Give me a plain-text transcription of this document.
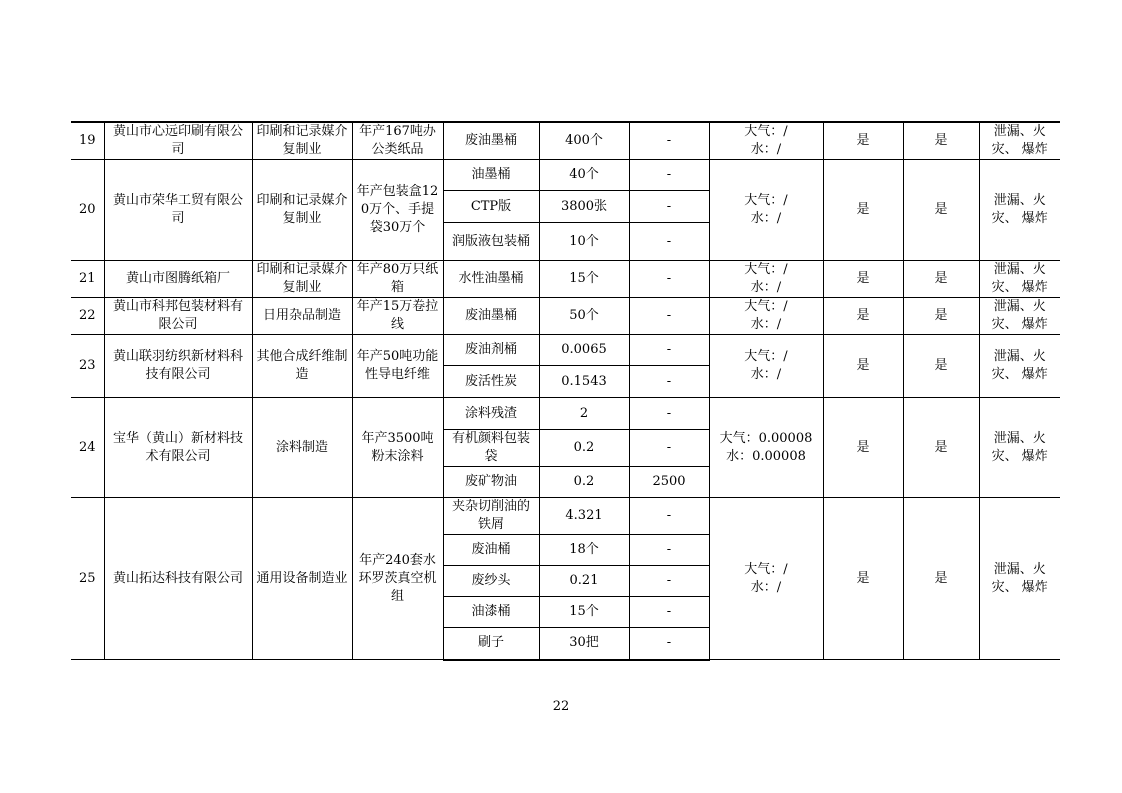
19	黄山市心远印刷有限公司	印刷和记录媒介复制业	年产167吨办公类纸品	废油墨桶	400个	-	大气：/
水：/	是	是	泄漏、火灾、 爆炸
20	黄山市荣华工贸有限公司	印刷和记录媒介复制业	年产包装盒120万个、手提袋30万个	油墨桶	40个	-	大气：/
水：/	是	是	泄漏、火灾、 爆炸
				CTP版	3800张	-				
				润版液包装桶	10个	-				
21	黄山市图腾纸箱厂	印刷和记录媒介复制业	年产80万只纸箱	水性油墨桶	15个	-	大气：/
水：/	是	是	泄漏、火灾、 爆炸
22	黄山市科邦包装材料有限公司	日用杂品制造	年产15万卷拉线	废油墨桶	50个	-	大气：/
水：/	是	是	泄漏、火灾、 爆炸
23	黄山联羽纺织新材料科技有限公司	其他合成纤维制造	年产50吨功能性导电纤维	废油剂桶	0.0065	-	大气：/
水：/	是	是	泄漏、火灾、 爆炸
				废活性炭	0.1543	-				
24	宝华（黄山）新材料技术有限公司	涂料制造	年产3500吨粉末涂料	涂料残渣	2	-	大气：0.00008
水：0.00008	是	是	泄漏、火灾、 爆炸
				有机颜料包装袋	0.2	-				
				废矿物油	0.2	2500				
25	黄山拓达科技有限公司	通用设备制造业	年产240套水环罗茨真空机组	夹杂切削油的铁屑	4.321	-	大气：/
水：/	是	是	泄漏、火灾、 爆炸
				废油桶	18个	-				
				废纱头	0.21	-				
				油漆桶	15个	-				
				刷子	30把	-				
22
